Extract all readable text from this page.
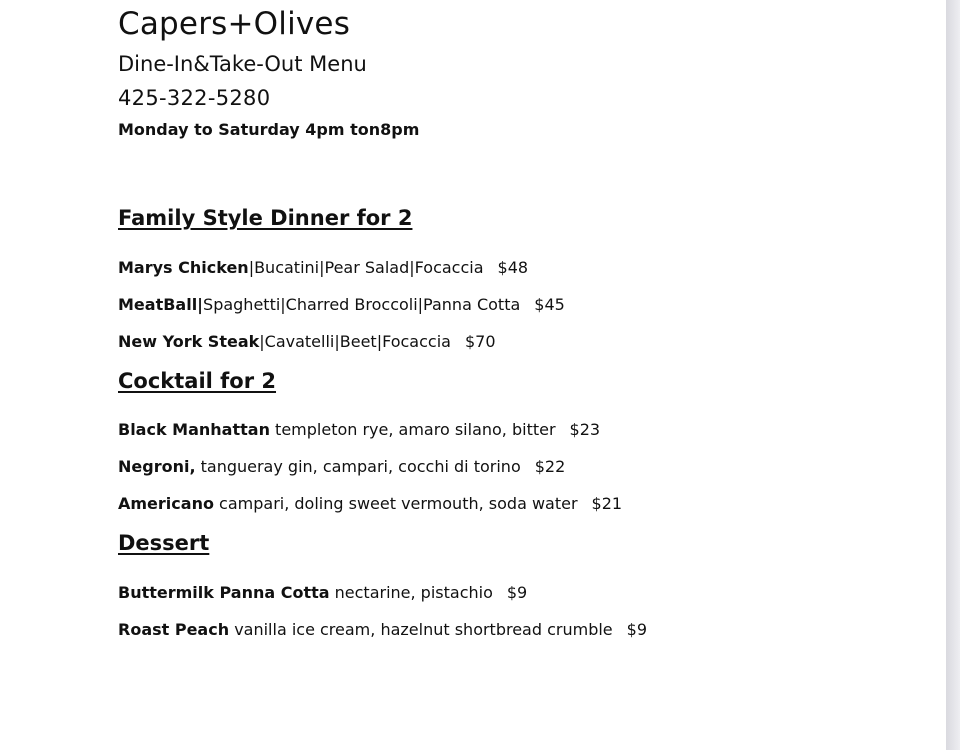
Capers+Olives
Dine-In&Take-Out Menu
425-322-5280
Monday to Saturday 4pm ton8pm
Family Style Dinner for 2
Marys Chicken|Bucatini|Pear Salad|Focaccia $48
MeatBall|Spaghetti|Charred Broccoli|Panna Cotta $45
New York Steak|Cavatelli|Beet|Focaccia $70
Cocktail for 2
Black Manhattan templeton rye, amaro silano, bitter $23
Negroni, tangueray gin, campari, cocchi di torino $22
Americano campari, doling sweet vermouth, soda water $21
Dessert
Buttermilk Panna Cotta nectarine, pistachio $9
Roast Peach vanilla ice cream, hazelnut shortbread crumble $9
